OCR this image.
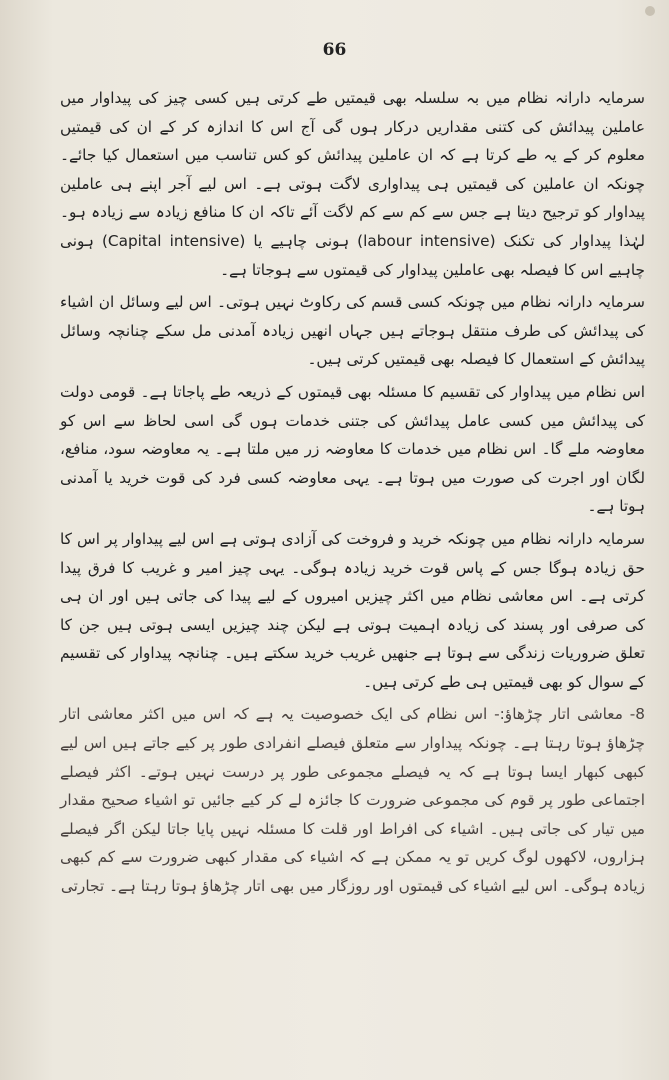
66

سرمایہ دارانہ نظام میں بہ سلسلہ بھی قیمتیں طے کرتی ہیں کسی چیز کی پیداوار میں عاملین پیدائش کی کتنی مقداریں درکار ہوں گی آج اس کا اندازہ کر کے ان کی قیمتیں معلوم کر کے یہ طے کرتا ہے کہ ان عاملین پیدائش کو کس تناسب میں استعمال کیا جائے۔ چونکہ ان عاملین کی قیمتیں ہی پیداواری لاگت ہوتی ہے۔ اس لیے آجر اپنے ہی عاملین پیداوار کو ترجیح دیتا ہے جس سے کم سے کم لاگت آئے تاکہ ان کا منافع زیادہ سے زیادہ ہو۔ لہٰذا پیداوار کی تکنک (labour intensive) ہونی چاہیے یا (Capital intensive) ہونی چاہیے اس کا فیصلہ بھی عاملین پیداوار کی قیمتوں سے ہوجاتا ہے۔

سرمایہ دارانہ نظام میں چونکہ کسی قسم کی رکاوٹ نہیں ہوتی۔ اس لیے وسائل ان اشیاء کی پیدائش کی طرف منتقل ہوجاتے ہیں جہاں انھیں زیادہ آمدنی مل سکے چنانچہ وسائل پیدائش کے استعمال کا فیصلہ بھی قیمتیں کرتی ہیں۔

اس نظام میں پیداوار کی تقسیم کا مسئلہ بھی قیمتوں کے ذریعہ طے پاجاتا ہے۔ قومی دولت کی پیدائش میں کسی عامل پیدائش کی جتنی خدمات ہوں گی اسی لحاظ سے اس کو معاوضہ ملے گا۔ اس نظام میں خدمات کا معاوضہ زر میں ملتا ہے۔ یہ معاوضہ سود، منافع، لگان اور اجرت کی صورت میں ہوتا ہے۔ یہی معاوضہ کسی فرد کی قوت خرید یا آمدنی ہوتا ہے۔

سرمایہ دارانہ نظام میں چونکہ خرید و فروخت کی آزادی ہوتی ہے اس لیے پیداوار پر اس کا حق زیادہ ہوگا جس کے پاس قوت خرید زیادہ ہوگی۔ یہی چیز امیر و غریب کا فرق پیدا کرتی ہے۔ اس معاشی نظام میں اکثر چیزیں امیروں کے لیے پیدا کی جاتی ہیں اور ان ہی کی صرفی اور پسند کی زیادہ اہمیت ہوتی ہے لیکن چند چیزیں ایسی ہوتی ہیں جن کا تعلق ضروریات زندگی سے ہوتا ہے جنھیں غریب خرید سکتے ہیں۔ چنانچہ پیداوار کی تقسیم کے سوال کو بھی قیمتیں ہی طے کرتی ہیں۔

8- معاشی اتار چڑھاؤ:- اس نظام کی ایک خصوصیت یہ ہے کہ اس میں اکثر معاشی اتار چڑھاؤ ہوتا رہتا ہے۔ چونکہ پیداوار سے متعلق فیصلے انفرادی طور پر کیے جاتے ہیں اس لیے کبھی کبھار ایسا ہوتا ہے کہ یہ فیصلے مجموعی طور پر درست نہیں ہوتے۔ اکثر فیصلے اجتماعی طور پر قوم کی مجموعی ضرورت کا جائزہ لے کر کیے جائیں تو اشیاء صحیح مقدار میں تیار کی جاتی ہیں۔ اشیاء کی افراط اور قلت کا مسئلہ نہیں پایا جاتا لیکن اگر فیصلے ہزاروں، لاکھوں لوگ کریں تو یہ ممکن ہے کہ اشیاء کی مقدار کبھی ضرورت سے کم کبھی زیادہ ہوگی۔ اس لیے اشیاء کی قیمتوں اور روزگار میں بھی اتار چڑھاؤ ہوتا رہتا ہے۔ تجارتی
